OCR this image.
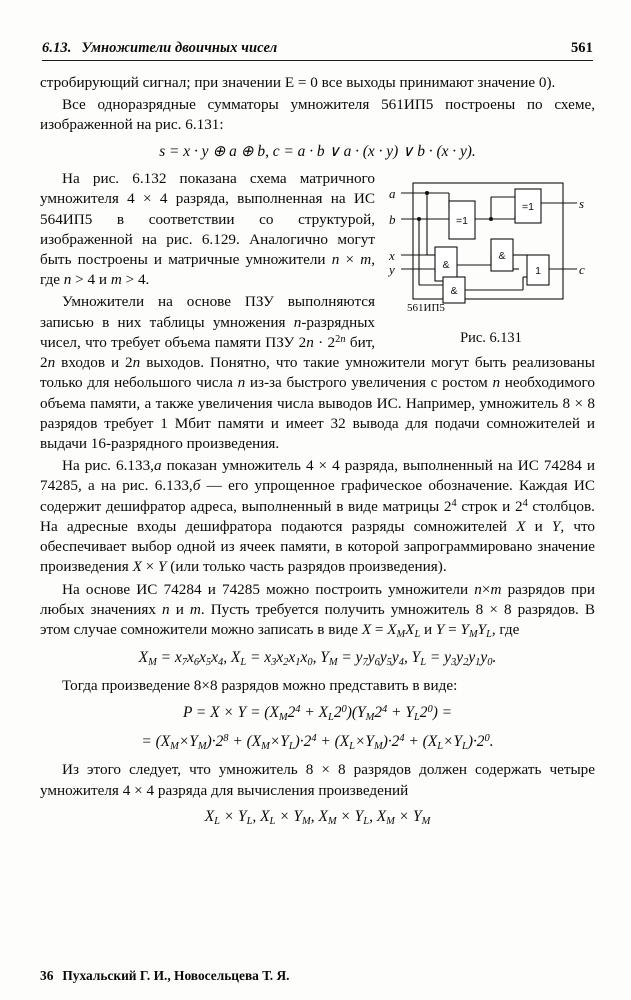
6.13. Умножители двоичных чисел	561

стробирующий сигнал; при значении E = 0 все выходы принимают значение 0).

Все одноразрядные сумматоры умножителя 561ИП5 построены по схеме, изображенной на рис. 6.131:

s = x · y ⊕ a ⊕ b, c = a · b ∨ a · (x · y) ∨ b · (x · y).
=1
=1
&
&
&
1
a
b
x
y
s
c
561ИП5
Рис. 6.131

На рис. 6.132 показана схема матричного умножителя 4 × 4 разряда, выполненная на ИС 564ИП5 в соответствии со структурой, изображенной на рис. 6.129. Аналогично могут быть построены и матричные умножители n × m, где n > 4 и m > 4.

Умножители на основе ПЗУ выполняются записью в них таблицы умножения n-разрядных чисел, что требует объема памяти ПЗУ $2n \cdot 2^{2n}$ бит, 2n входов и 2n выходов. Понятно, что такие умножители могут быть реализованы только для небольшого числа n из-за быстрого увеличения с ростом n необходимого объема памяти, а также увеличения числа выводов ИС. Например, умножитель 8 × 8 разрядов требует 1 Мбит памяти и имеет 32 вывода для подачи сомножителей и выдачи 16-разрядного произведения.

На рис. 6.133,а показан умножитель 4 × 4 разряда, выполненный на ИС 74284 и 74285, а на рис. 6.133,б — его упрощенное графическое обозначение. Каждая ИС содержит дешифратор адреса, выполненный в виде матрицы $2^4$ строк и $2^4$ столбцов. На адресные входы дешифратора подаются разряды сомножителей X и Y, что обеспечивает выбор одной из ячеек памяти, в которой запрограммировано значение произведения X × Y (или только часть разрядов произведения).

На основе ИС 74284 и 74285 можно построить умножители n×m разрядов при любых значениях n и m. Пусть требуется получить умножитель 8 × 8 разрядов. В этом случае сомножители можно записать в виде $X = X_MX_L$ и $Y = Y_MY_L$, где

$X_M = x_7x_6x_5x_4$, $X_L = x_3x_2x_1x_0$, $Y_M = y_7y_6y_5y_4$, $Y_L = y_3y_2y_1y_0$.

Тогда произведение 8×8 разрядов можно представить в виде:

$P = X \times Y = (X_M2^4 + X_L2^0)(Y_M2^4 + Y_L2^0)$ =
= $(X_M\times Y_M)\cdot 2^8 + (X_M\times Y_L)\cdot 2^4 + (X_L\times Y_M)\cdot 2^4 + (X_L\times Y_L)\cdot 2^0$.

Из этого следует, что умножитель 8 × 8 разрядов должен содержать четыре умножителя 4 × 4 разряда для вычисления произведений

$X_L \times Y_L$, $X_L \times Y_M$, $X_M \times Y_L$, $X_M \times Y_M$
36 Пухальский Г. И., Новосельцева Т. Я.
